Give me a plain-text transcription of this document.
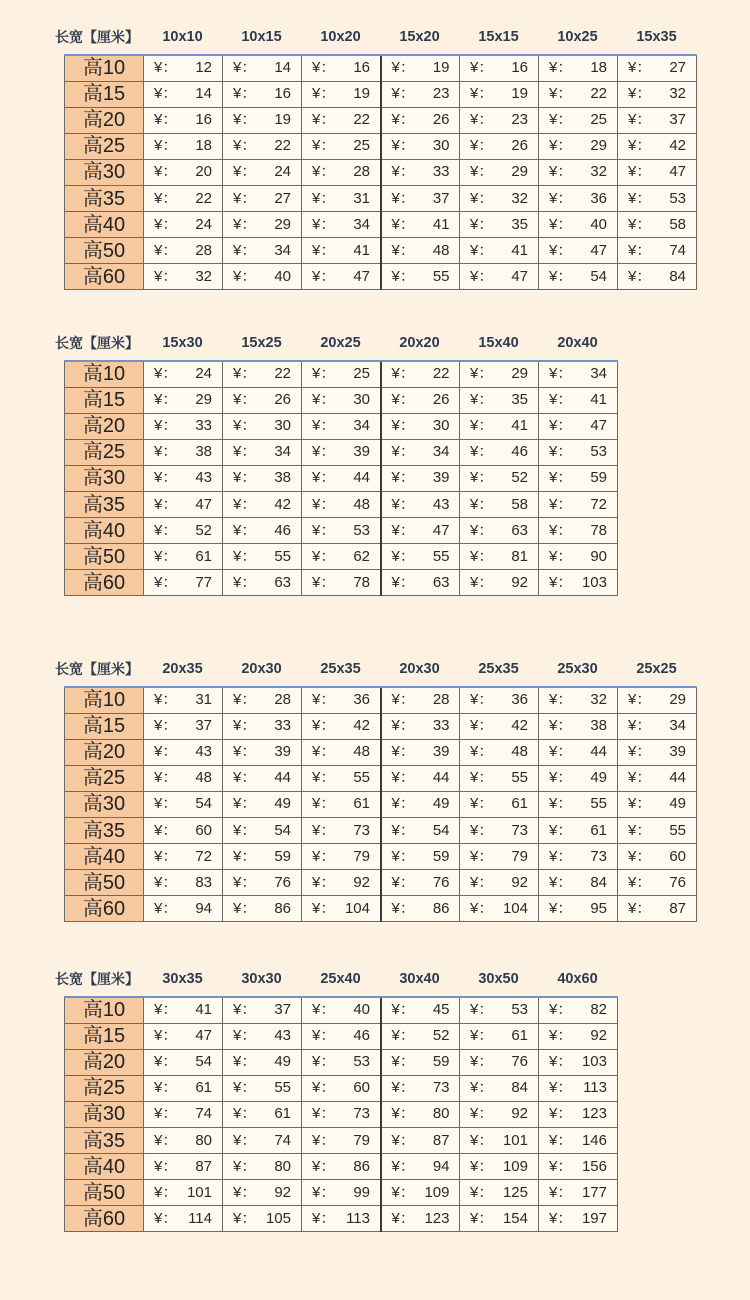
长宽【厘米】	10x10	10x15	10x20	15x20	15x15	10x25	15x35
高10	¥： 12	¥： 14	¥： 16	¥： 19	¥： 16	¥： 18	¥： 27
高15	¥： 14	¥： 16	¥： 19	¥： 23	¥： 19	¥： 22	¥： 32
高20	¥： 16	¥： 19	¥： 22	¥： 26	¥： 23	¥： 25	¥： 37
高25	¥： 18	¥： 22	¥： 25	¥： 30	¥： 26	¥： 29	¥： 42
高30	¥： 20	¥： 24	¥： 28	¥： 33	¥： 29	¥： 32	¥： 47
高35	¥： 22	¥： 27	¥： 31	¥： 37	¥： 32	¥： 36	¥： 53
高40	¥： 24	¥： 29	¥： 34	¥： 41	¥： 35	¥： 40	¥： 58
高50	¥： 28	¥： 34	¥： 41	¥： 48	¥： 41	¥： 47	¥： 74
高60	¥： 32	¥： 40	¥： 47	¥： 55	¥： 47	¥： 54	¥： 84
长宽【厘米】	15x30	15x25	20x25	20x20	15x40	20x40
高10	¥： 24	¥： 22	¥： 25	¥： 22	¥： 29	¥： 34
高15	¥： 29	¥： 26	¥： 30	¥： 26	¥： 35	¥： 41
高20	¥： 33	¥： 30	¥： 34	¥： 30	¥： 41	¥： 47
高25	¥： 38	¥： 34	¥： 39	¥： 34	¥： 46	¥： 53
高30	¥： 43	¥： 38	¥： 44	¥： 39	¥： 52	¥： 59
高35	¥： 47	¥： 42	¥： 48	¥： 43	¥： 58	¥： 72
高40	¥： 52	¥： 46	¥： 53	¥： 47	¥： 63	¥： 78
高50	¥： 61	¥： 55	¥： 62	¥： 55	¥： 81	¥： 90
高60	¥： 77	¥： 63	¥： 78	¥： 63	¥： 92	¥： 103
长宽【厘米】	20x35	20x30	25x35	20x30	25x35	25x30	25x25
高10	¥： 31	¥： 28	¥： 36	¥： 28	¥： 36	¥： 32	¥： 29
高15	¥： 37	¥： 33	¥： 42	¥： 33	¥： 42	¥： 38	¥： 34
高20	¥： 43	¥： 39	¥： 48	¥： 39	¥： 48	¥： 44	¥： 39
高25	¥： 48	¥： 44	¥： 55	¥： 44	¥： 55	¥： 49	¥： 44
高30	¥： 54	¥： 49	¥： 61	¥： 49	¥： 61	¥： 55	¥： 49
高35	¥： 60	¥： 54	¥： 73	¥： 54	¥： 73	¥： 61	¥： 55
高40	¥： 72	¥： 59	¥： 79	¥： 59	¥： 79	¥： 73	¥： 60
高50	¥： 83	¥： 76	¥： 92	¥： 76	¥： 92	¥： 84	¥： 76
高60	¥： 94	¥： 86	¥： 104	¥： 86	¥： 104	¥： 95	¥： 87
长宽【厘米】	30x35	30x30	25x40	30x40	30x50	40x60
高10	¥： 41	¥： 37	¥： 40	¥： 45	¥： 53	¥： 82
高15	¥： 47	¥： 43	¥： 46	¥： 52	¥： 61	¥： 92
高20	¥： 54	¥： 49	¥： 53	¥： 59	¥： 76	¥： 103
高25	¥： 61	¥： 55	¥： 60	¥： 73	¥： 84	¥： 113
高30	¥： 74	¥： 61	¥： 73	¥： 80	¥： 92	¥： 123
高35	¥： 80	¥： 74	¥： 79	¥： 87	¥： 101	¥： 146
高40	¥： 87	¥： 80	¥： 86	¥： 94	¥： 109	¥： 156
高50	¥： 101	¥： 92	¥： 99	¥： 109	¥： 125	¥： 177
高60	¥： 114	¥： 105	¥： 113	¥： 123	¥： 154	¥： 197
